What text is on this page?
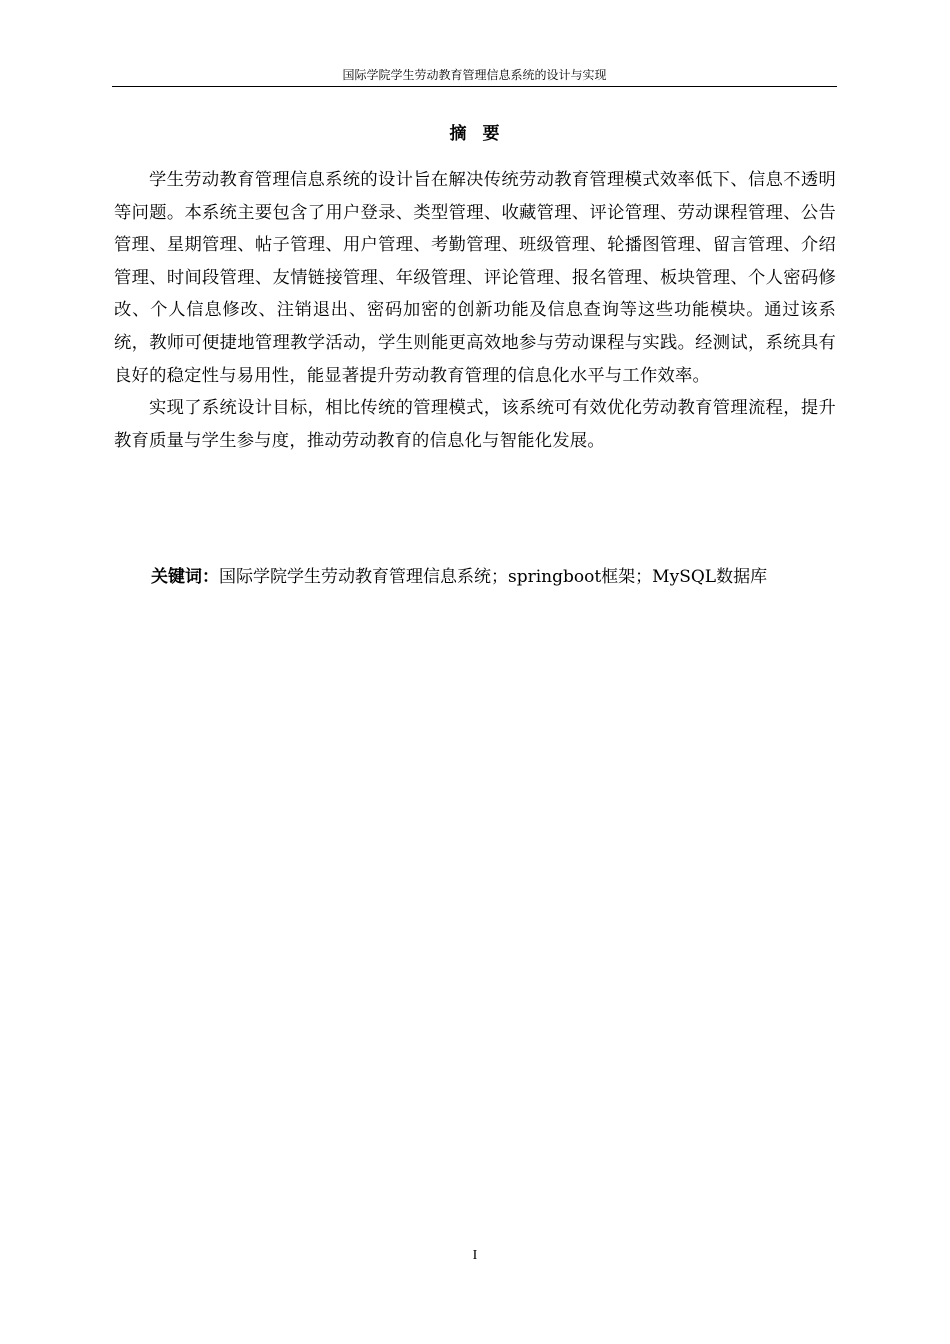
国际学院学生劳动教育管理信息系统的设计与实现
摘要

学生劳动教育管理信息系统的设计旨在解决传统劳动教育管理模式效率低下、信息不透明等问题。本系统主要包含了用户登录、类型管理、收藏管理、评论管理、劳动课程管理、公告管理、星期管理、帖子管理、用户管理、考勤管理、班级管理、轮播图管理、留言管理、介绍管理、时间段管理、友情链接管理、年级管理、评论管理、报名管理、板块管理、个人密码修改、个人信息修改、注销退出、密码加密的创新功能及信息查询等这些功能模块。通过该系统，教师可便捷地管理教学活动，学生则能更高效地参与劳动课程与实践。经测试，系统具有良好的稳定性与易用性，能显著提升劳动教育管理的信息化水平与工作效率。

实现了系统设计目标，相比传统的管理模式，该系统可有效优化劳动教育管理流程，提升教育质量与学生参与度，推动劳动教育的信息化与智能化发展。

关键词：国际学院学生劳动教育管理信息系统；springboot框架；MySQL数据库
I
